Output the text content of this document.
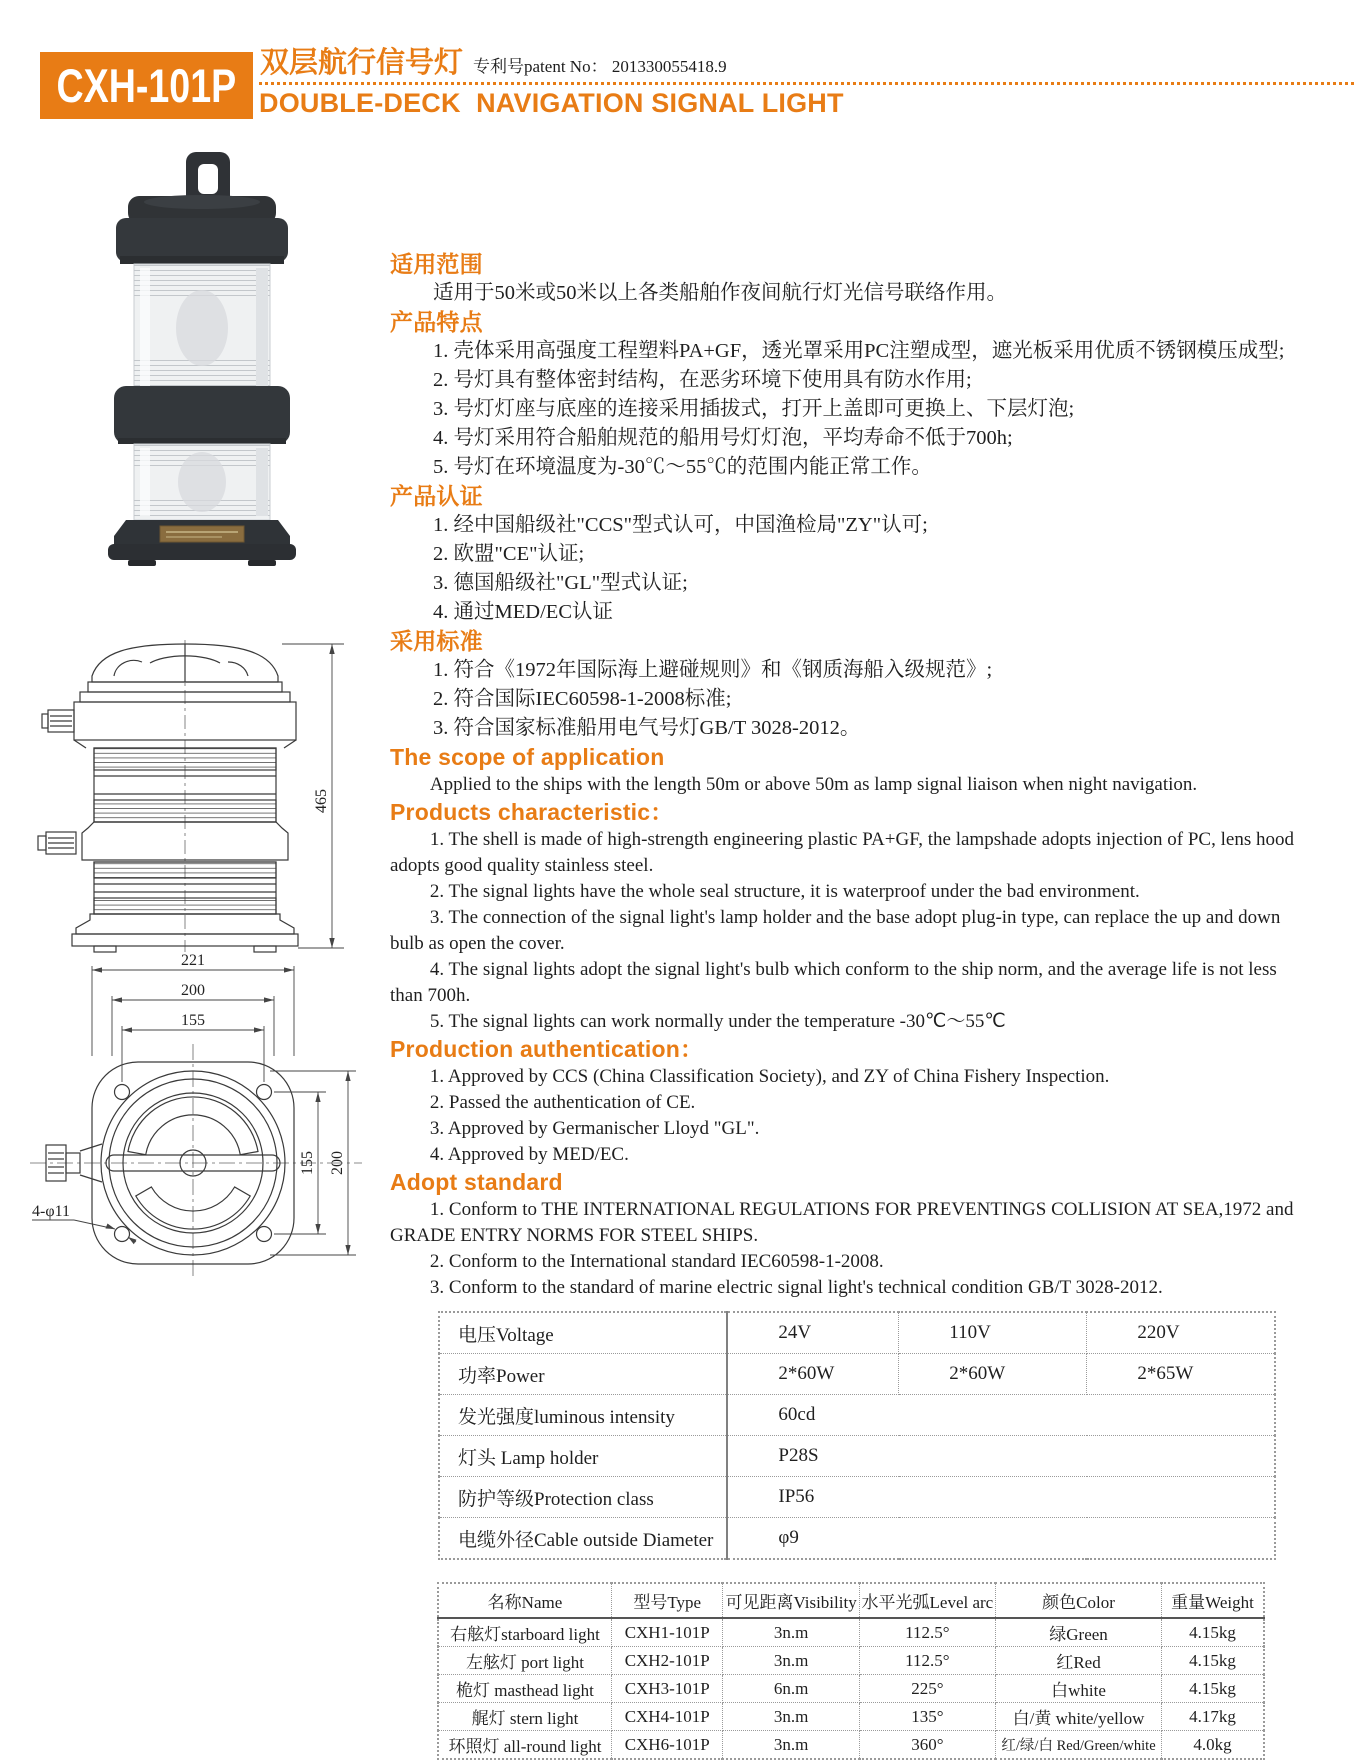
CXH-101P 双层航行信号灯 专利号patent No： 201330055418.9
DOUBLE-DECK  NAVIGATION SIGNAL LIGHT
465
221
200
155
155 200
4-φ11
适用范围
适用于50米或50米以上各类船舶作夜间航行灯光信号联络作用。
产品特点
1. 壳体采用高强度工程塑料PA+GF，透光罩采用PC注塑成型，遮光板采用优质不锈钢模压成型;
2. 号灯具有整体密封结构，在恶劣环境下使用具有防水作用;
3. 号灯灯座与底座的连接采用插拔式，打开上盖即可更换上、下层灯泡;
4. 号灯采用符合船舶规范的船用号灯灯泡，平均寿命不低于700h;
5. 号灯在环境温度为-30℃～55℃的范围内能正常工作。
产品认证
1. 经中国船级社"CCS"型式认可，中国渔检局"ZY"认可;
2. 欧盟"CE"认证;
3. 德国船级社"GL"型式认证;
4. 通过MED/EC认证
采用标准
1. 符合《1972年国际海上避碰规则》和《钢质海船入级规范》;
2. 符合国际IEC60598-1-2008标准;
3. 符合国家标准船用电气号灯GB/T 3028-2012。
The scope of application
Applied to the ships with the length 50m or above 50m as lamp signal liaison when night navigation.
Products characteristic：
1. The shell is made of high-strength engineering plastic PA+GF, the lampshade adopts injection of PC, lens hood adopts good quality stainless steel.
2. The signal lights have the whole seal structure, it is waterproof under the bad environment.
3. The connection of the signal light's lamp holder and the base adopt plug-in type, can replace the up and down bulb as open the cover.
4. The signal lights adopt the signal light's bulb which conform to the ship norm, and the average life is not less than 700h.
5. The signal lights can work normally under the temperature -30℃～55℃
Production authentication：
1. Approved by CCS (China Classification Society), and ZY of China Fishery Inspection.
2. Passed the authentication of CE.
3. Approved by Germanischer Lloyd "GL".
4. Approved by MED/EC.
Adopt standard
1. Conform to THE INTERNATIONAL REGULATIONS FOR PREVENTINGS COLLISION AT SEA,1972 and GRADE ENTRY NORMS FOR STEEL SHIPS.
2. Conform to the International standard IEC60598-1-2008.
3. Conform to the standard of marine electric signal light's technical condition GB/T 3028-2012.
电压Voltage	24V	110V	220V
功率Power	2*60W	2*60W	2*65W
发光强度luminous intensity	60cd		
灯头 Lamp holder	P28S		
防护等级Protection class	IP56		
电缆外径Cable outside Diameter	φ9		
名称Name	型号Type	可见距离Visibility	水平光弧Level arc	颜色Color	重量Weight
右舷灯starboard light	CXH1-101P	3n.m	112.5°	绿Green	4.15kg
左舷灯 port light	CXH2-101P	3n.m	112.5°	红Red	4.15kg
桅灯 masthead light	CXH3-101P	6n.m	225°	白white	4.15kg
艉灯 stern light	CXH4-101P	3n.m	135°	白/黄 white/yellow	4.17kg
环照灯 all-round light	CXH6-101P	3n.m	360°	红/绿/白 Red/Green/white	4.0kg
